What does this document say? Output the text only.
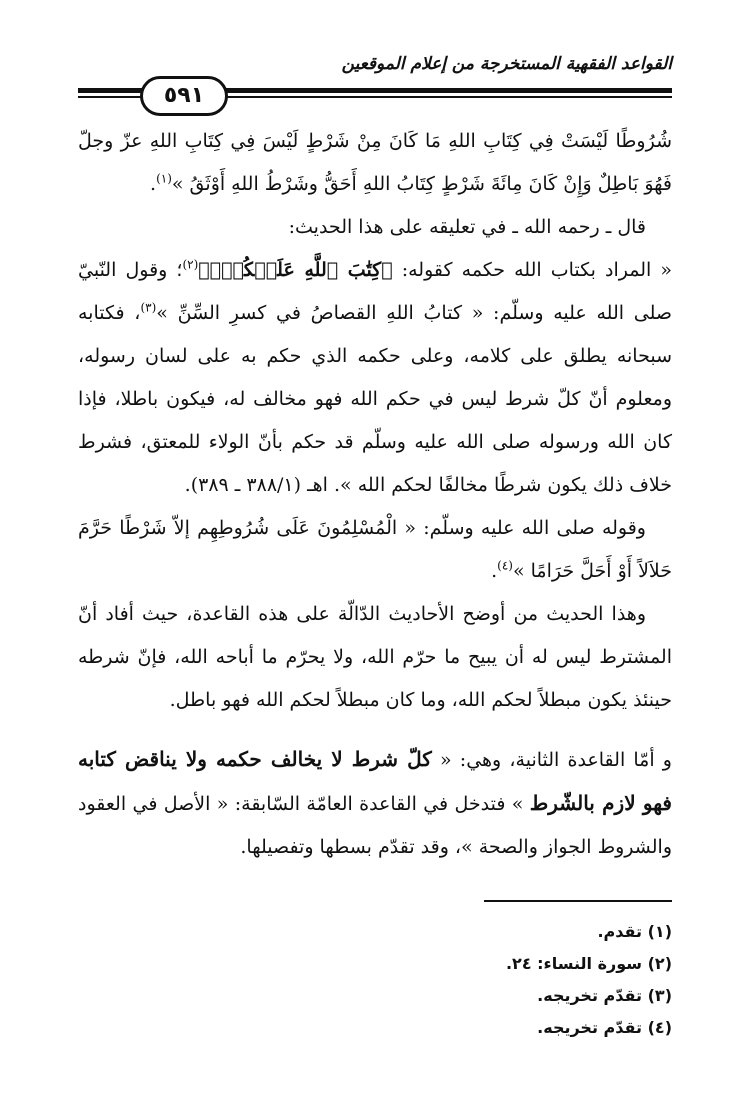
القواعد الفقهية المستخرجة من إعلام الموقعين
٥٩١

شُرُوطًا لَيْسَتْ فِي كِتَابِ اللهِ مَا كَانَ مِنْ شَرْطٍ لَيْسَ فِي كِتَابِ اللهِ عزّ وجلّ فَهُوَ بَاطِلٌ وَإِنْ كَانَ مِائَةَ شَرْطٍ كِتَابُ اللهِ أَحَقُّ وشَرْطُ اللهِ أَوْثَقُ »$^{(١)}$.

قال ـ رحمه الله ـ في تعليقه على هذا الحديث:

« المراد بكتاب الله حكمه كقوله: ﴿كِتَٰبَ ٱللَّهِ عَلَيۡكُمۡۚ﴾$^{(٢)}$؛ وقول النّبيّ صلى الله عليه وسلّم: « كتابُ اللهِ القصاصُ في كسرِ السِّنِّ »$^{(٣)}$، فكتابه سبحانه يطلق على كلامه، وعلى حكمه الذي حكم به على لسان رسوله، ومعلوم أنّ كلّ شرط ليس في حكم الله فهو مخالف له، فيكون باطلا، فإذا كان الله ورسوله صلى الله عليه وسلّم قد حكم بأنّ الولاء للمعتق، فشرط خلاف ذلك يكون شرطًا مخالفًا لحكم الله ». اهـ (٣٨٨/١ ـ ٣٨٩).

وقوله صلى الله عليه وسلّم: « الْمُسْلِمُونَ عَلَى شُرُوطِهِم إلاّ شَرْطًا حَرَّمَ حَلاَلاً أَوْ أَحَلَّ حَرَامًا »$^{(٤)}$.

وهذا الحديث من أوضح الأحاديث الدّالّة على هذه القاعدة، حيث أفاد أنّ المشترط ليس له أن يبيح ما حرّم الله، ولا يحرّم ما أباحه الله، فإنّ شرطه حينئذ يكون مبطلاً لحكم الله، وما كان مبطلاً لحكم الله فهو باطل.

و أمّا القاعدة الثانية، وهي: « كلّ شرط لا يخالف حكمه ولا يناقض كتابه فهو لازم بالشّرط » فتدخل في القاعدة العامّة السّابقة: « الأصل في العقود والشروط الجواز والصحة »، وقد تقدّم بسطها وتفصيلها.

(١) تقدم.
(٢) سورة النساء: ٢٤.
(٣) تقدّم تخريجه.
(٤) تقدّم تخريجه.
